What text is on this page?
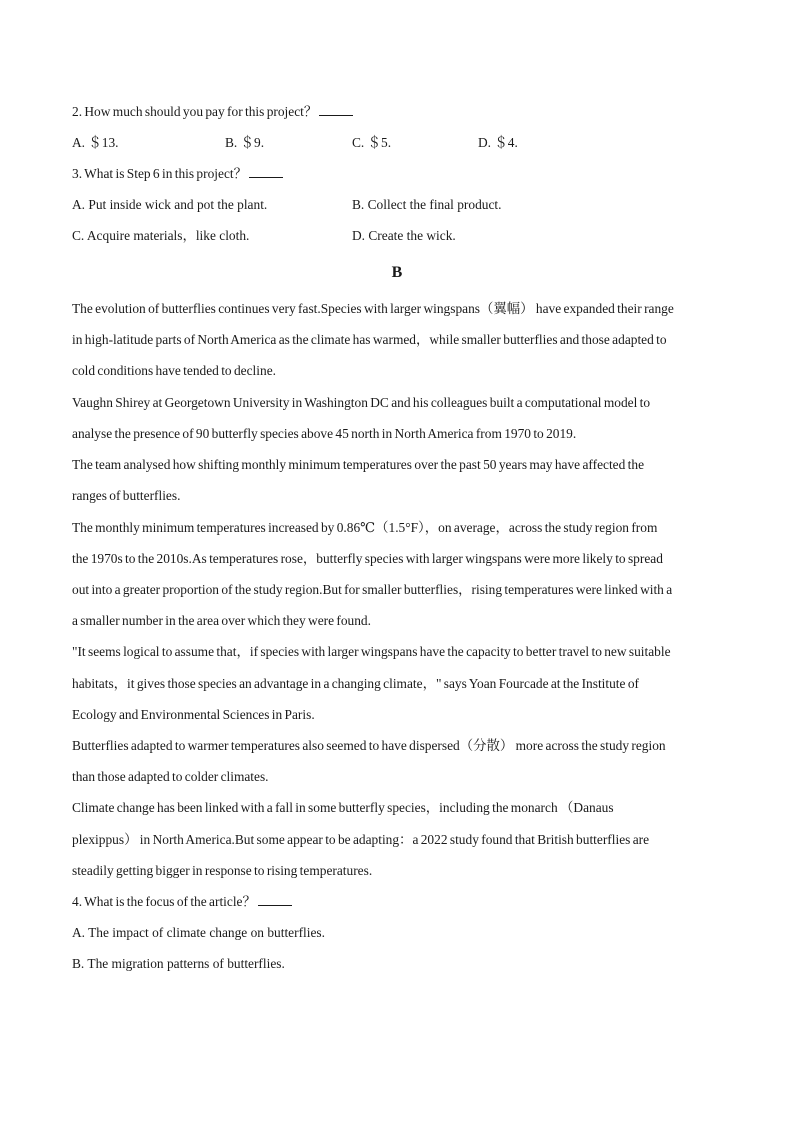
2. How much should you pay for this project？
A. ＄13.	B. ＄9.	C. ＄5.	D. ＄4.
3. What is Step 6 in this project？
A. Put inside wick and pot the plant.	B. Collect the final product.
C. Acquire materials，like cloth.	D. Create the wick.
B
The evolution of butterflies continues very fast.Species with larger wingspans（翼幅） have expanded their range
in high-latitude parts of North America as the climate has warmed，while smaller butterflies and those adapted to
cold conditions have tended to decline.
Vaughn Shirey at Georgetown University in Washington DC and his colleagues built a computational model to
analyse the presence of 90 butterfly species above 45 north in North America from 1970 to 2019.
The team analysed how shifting monthly minimum temperatures over the past 50 years may have affected the
ranges of butterflies.
The monthly minimum temperatures increased by 0.86℃（1.5°F），on average，across the study region from
the 1970s to the 2010s.As temperatures rose，butterfly species with larger wingspans were more likely to spread
out into a greater proportion of the study region.But for smaller butterflies，rising temperatures were linked with a
a smaller number in the area over which they were found.
"It seems logical to assume that，if species with larger wingspans have the capacity to better travel to new suitable
habitats，it gives those species an advantage in a changing climate，" says Yoan Fourcade at the Institute of
Ecology and Environmental Sciences in Paris.
Butterflies adapted to warmer temperatures also seemed to have dispersed（分散） more across the study region
than those adapted to colder climates.
Climate change has been linked with a fall in some butterfly species，including the monarch （Danaus
plexippus） in North America.But some appear to be adapting：a 2022 study found that British butterflies are
steadily getting bigger in response to rising temperatures.
4. What is the focus of the article？
A. The impact of climate change on butterflies.
B. The migration patterns of butterflies.
